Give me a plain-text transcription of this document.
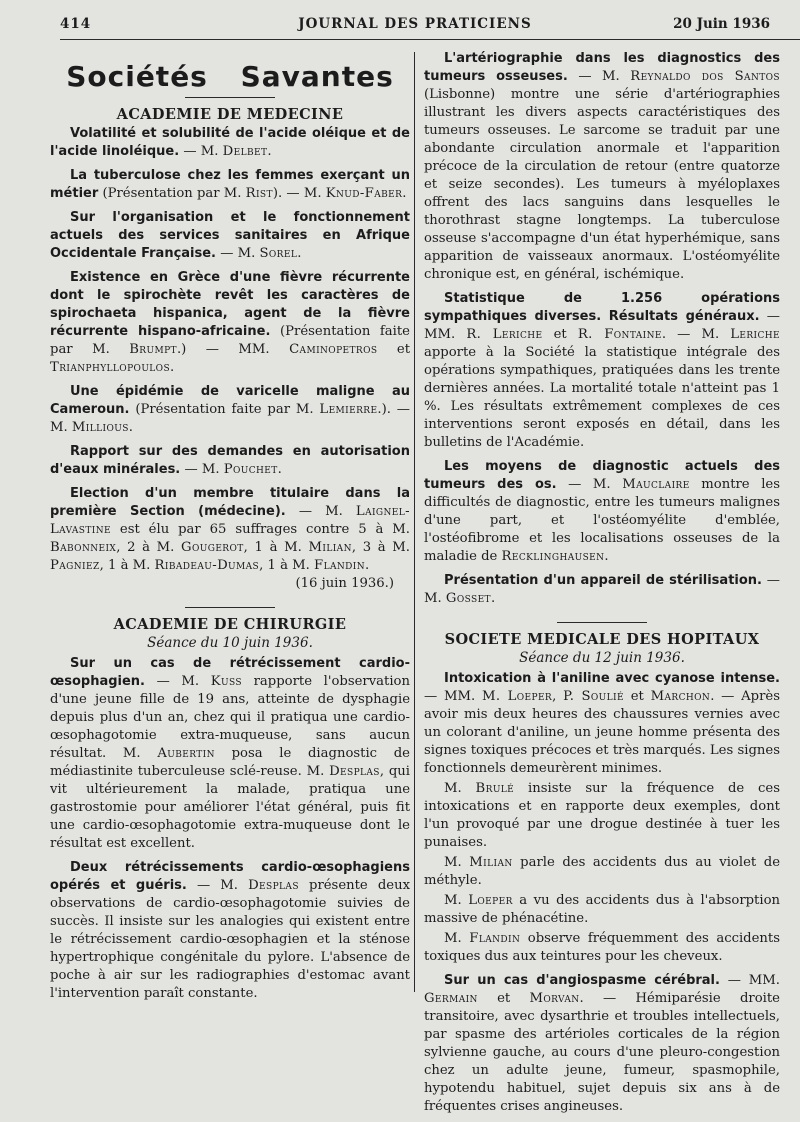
414	JOURNAL DES PRATICIENS	20 Juin 1936
Sociétés Savantes
ACADEMIE DE MEDECINE

Volatilité et solubilité de l'acide oléique et de l'acide linoléique. — M. Delbet.

La tuberculose chez les femmes exerçant un métier (Présentation par M. Rist). — M. Knud-Faber.

Sur l'organisation et le fonctionnement actuels des services sanitaires en Afrique Occidentale Française. — M. Sorel.

Existence en Grèce d'une fièvre récurrente dont le spirochète revêt les caractères de spirochaeta hispanica, agent de la fièvre récurrente hispano-africaine. (Présentation faite par M. Brumpt.) — MM. Caminopetros et Trianphyllopoulos.

Une épidémie de varicelle maligne au Cameroun. (Présentation faite par M. Lemierre.). — M. Millious.

Rapport sur des demandes en autorisation d'eaux minérales. — M. Pouchet.

Election d'un membre titulaire dans la première Section (médecine). — M. Laignel-Lavastine est élu par 65 suffrages contre 5 à M. Babonneix, 2 à M. Gougerot, 1 à M. Milian, 3 à M. Pagniez, 1 à M. Ribadeau-Dumas, 1 à M. Flandin.

(16 juin 1936.)

ACADEMIE DE CHIRURGIE
Séance du 10 juin 1936.

Sur un cas de rétrécissement cardio-œsophagien. — M. Kuss rapporte l'observation d'une jeune fille de 19 ans, atteinte de dysphagie depuis plus d'un an, chez qui il pratiqua une cardio-œsophagotomie extra-muqueuse, sans aucun résultat. M. Aubertin posa le diagnostic de médiastinite tuberculeuse sclé-reuse. M. Desplas, qui vit ultérieurement la malade, pratiqua une gastrostomie pour améliorer l'état général, puis fit une cardio-œsophagotomie extra-muqueuse dont le résultat est excellent.

Deux rétrécissements cardio-œsophagiens opérés et guéris. — M. Desplas présente deux observations de cardio-œsophagotomie suivies de succès. Il insiste sur les analogies qui existent entre le rétrécissement cardio-œsophagien et la sténose hypertrophique congénitale du pylore. L'absence de poche à air sur les radiographies d'estomac avant l'intervention paraît constante.

L'artériographie dans les diagnostics des tumeurs osseuses. — M. Reynaldo dos Santos (Lisbonne) montre une série d'artériographies illustrant les divers aspects caractéristiques des tumeurs osseuses. Le sarcome se traduit par une abondante circulation anormale et l'apparition précoce de la circulation de retour (entre quatorze et seize secondes). Les tumeurs à myéloplaxes offrent des lacs sanguins dans lesquelles le thorothrast stagne longtemps. La tuberculose osseuse s'accompagne d'un état hyperhémique, sans apparition de vaisseaux anormaux. L'ostéomyélite chronique est, en général, ischémique.

Statistique de 1.256 opérations sympathiques diverses. Résultats généraux. — MM. R. Leriche et R. Fontaine. — M. Leriche apporte à la Société la statistique intégrale des opérations sympathiques, pratiquées dans les trente dernières années. La mortalité totale n'atteint pas 1 %. Les résultats extrêmement complexes de ces interventions seront exposés en détail, dans les bulletins de l'Académie.

Les moyens de diagnostic actuels des tumeurs des os. — M. Mauclaire montre les difficultés de diagnostic, entre les tumeurs malignes d'une part, et l'ostéomyélite d'emblée, l'ostéofibrome et les localisations osseuses de la maladie de Recklinghausen.

Présentation d'un appareil de stérilisation. — M. Gosset.

SOCIETE MEDICALE DES HOPITAUX
Séance du 12 juin 1936.

Intoxication à l'aniline avec cyanose intense. — MM. M. Loeper, P. Soulié et Marchon. — Après avoir mis deux heures des chaussures vernies avec un colorant d'aniline, un jeune homme présenta des signes toxiques précoces et très marqués. Les signes fonctionnels demeurèrent minimes.

M. Brulé insiste sur la fréquence de ces intoxications et en rapporte deux exemples, dont l'un provoqué par une drogue destinée à tuer les punaises.

M. Milian parle des accidents dus au violet de méthyle.

M. Loeper a vu des accidents dus à l'absorption massive de phénacétine.

M. Flandin observe fréquemment des accidents toxiques dus aux teintures pour les cheveux.

Sur un cas d'angiospasme cérébral. — MM. Germain et Morvan. — Hémiparésie droite transitoire, avec dysarthrie et troubles intellectuels, par spasme des artérioles corticales de la région sylvienne gauche, au cours d'une pleuro-congestion chez un adulte jeune, fumeur, spasmophile, hypotendu habituel, sujet depuis six ans à de fréquentes crises angineuses.
